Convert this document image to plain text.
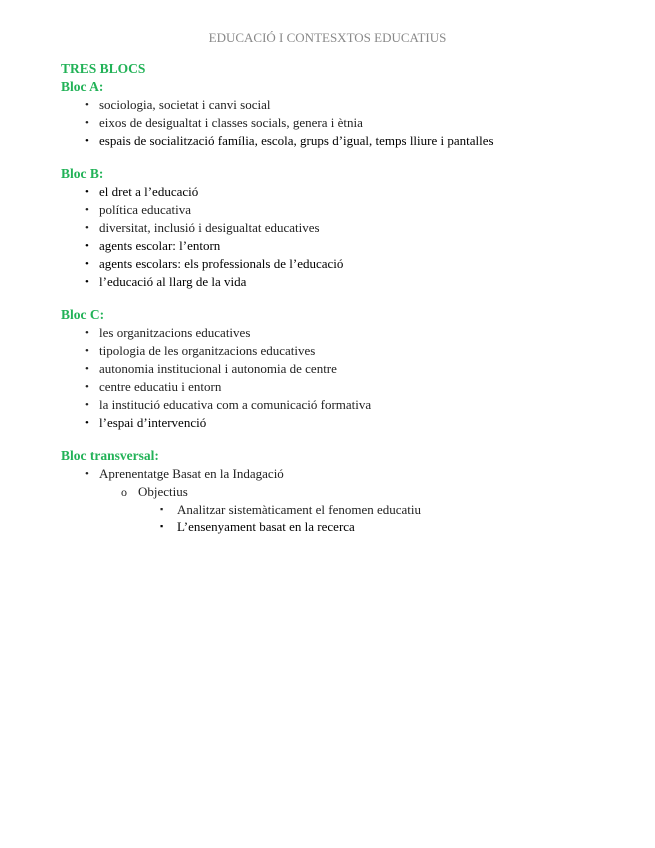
EDUCACIÓ I CONTESXTOS EDUCATIUS
TRES BLOCS
Bloc A:
• sociologia, societat i canvi social
• eixos de desigualtat i classes socials, genera i ètnia
• espais de socialització família, escola, grups d’igual, temps lliure i pantalles
Bloc B:
• el dret a l’educació
• política educativa
• diversitat, inclusió i desigualtat educatives
• agents escolar: l’entorn
• agents escolars: els professionals de l’educació
• l’educació al llarg de la vida
Bloc C:
• les organitzacions educatives
• tipologia de les organitzacions educatives
• autonomia institucional i autonomia de centre
• centre educatiu i entorn
• la institució educativa com a comunicació formativa
• l’espai d’intervenció
Bloc transversal:
• Aprenentatge Basat en la Indagació
o Objectius
▪ Analitzar sistemàticament el fenomen educatiu
▪ L’ensenyament basat en la recerca
